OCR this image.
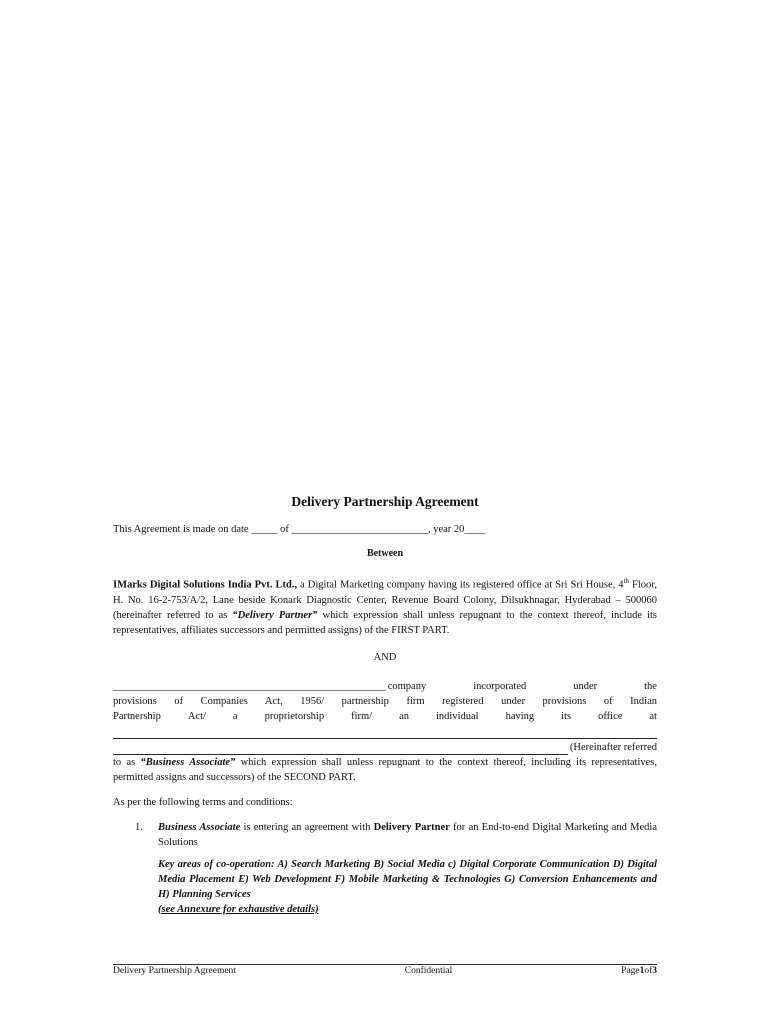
Delivery Partnership Agreement
This Agreement is made on date _____ of __________________________, year 20____
Between

IMarks Digital Solutions India Pvt. Ltd., a Digital Marketing company having its registered office at Sri Sri House, 4th Floor, H. No. 16-2-753/A/2, Lane beside Konark Diagnostic Center, Revenue Board Colony, Dilsukhnagar, Hyderabad – 500060 (hereinafter referred to as “Delivery Partner” which expression shall unless repugnant to the context thereof, include its representatives, affiliates successors and permitted assigns) of the FIRST PART.

AND
______________________________________________________ company	incorporated	under	the
provisions of Companies Act, 1956/ partnership firm registered under provisions of Indian
Partnership	Act/	a	proprietorship	firm/	an	individual	having	its	office	at
(Hereinafter referred

to as “Business Associate” which expression shall unless repugnant to the context thereof, including its representatives, permitted assigns and successors) of the SECOND PART.

As per the following terms and conditions:
1.	Business Associate is entering an agreement with Delivery Partner for an End-to-end Digital Marketing and Media Solutions
Key areas of co-operation: A) Search Marketing B) Social Media c) Digital Corporate Communication D) Digital Media Placement E) Web Development F) Mobile Marketing & Technologies G) Conversion Enhancements and H) Planning Services
(see Annexure for exhaustive details)
Delivery Partnership Agreement	Confidential	Page1of3
